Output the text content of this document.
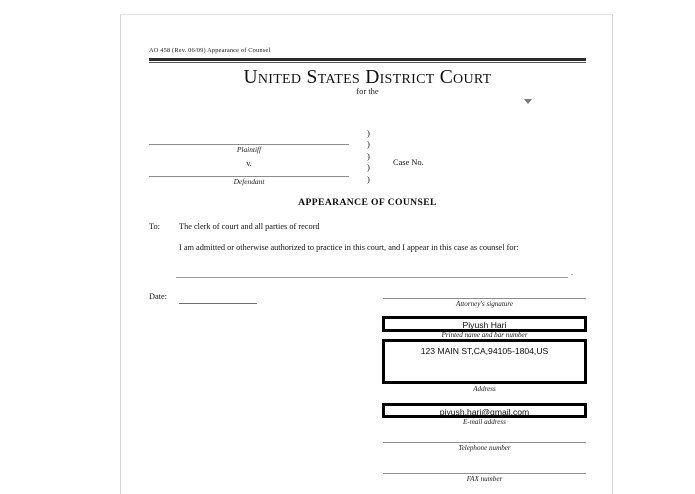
AO 458 (Rev. 06/09) Appearance of Counsel
United States District Court
for the
Plaintiff
v.
Defendant
)
)
)
)
)
Case No.
APPEARANCE OF COUNSEL
To: The clerk of court and all parties of record
I am admitted or otherwise authorized to practice in this court, and I appear in this case as counsel for:
.
Date:
Attorney's signature
Piyush Hari
Printed name and bar number
123 MAIN ST,CA,94105-1804,US
Address
piyush.hari@gmail.com
E-mail address
Telephone number
FAX number
